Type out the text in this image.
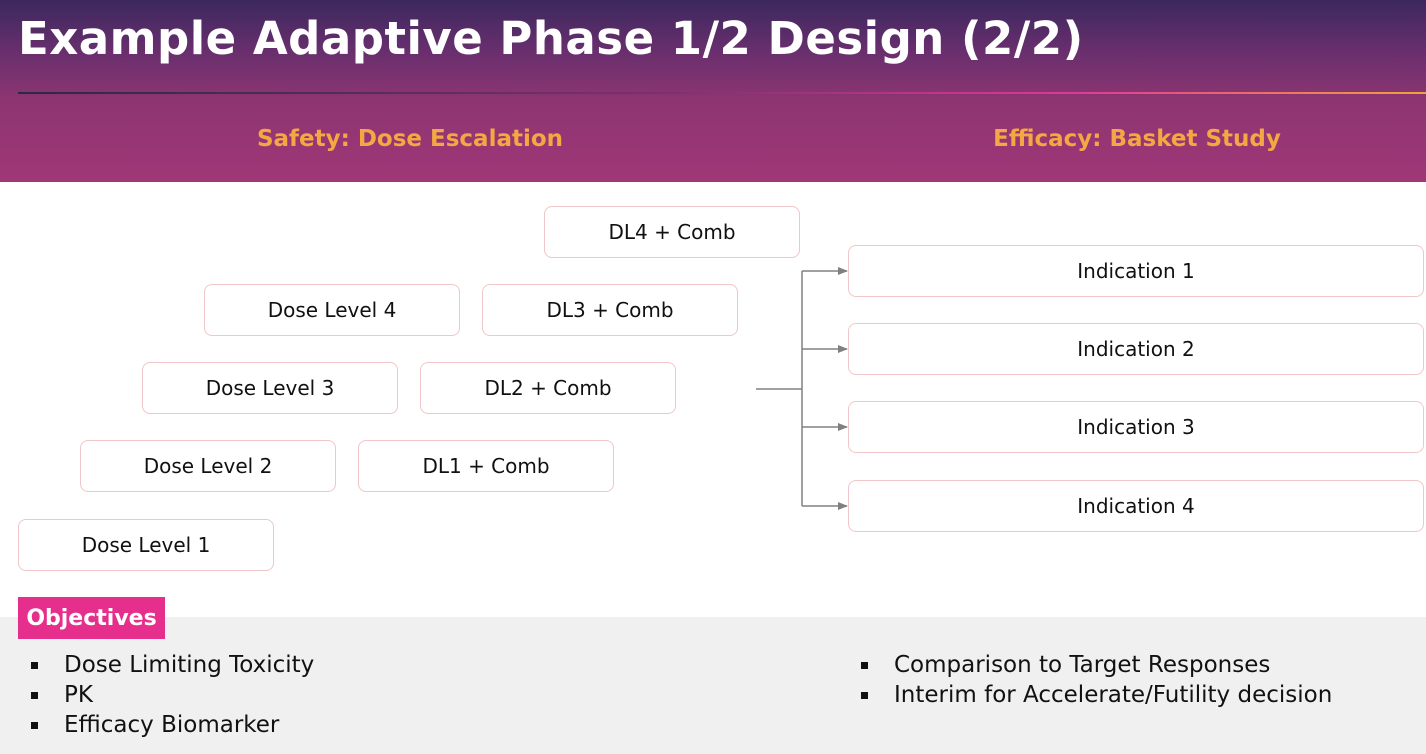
Example Adaptive Phase 1/2 Design (2/2)
Safety: Dose Escalation	Efficacy: Basket Study
Dose Level 1
Dose Level 2
Dose Level 3
Dose Level 4
DL1 + Comb
DL2 + Comb
DL3 + Comb
DL4 + Comb
Indication 1
Indication 2
Indication 3
Indication 4
Objectives
Dose Limiting Toxicity
PK
Efficacy Biomarker
Comparison to Target Responses
Interim for Accelerate/Futility decision
